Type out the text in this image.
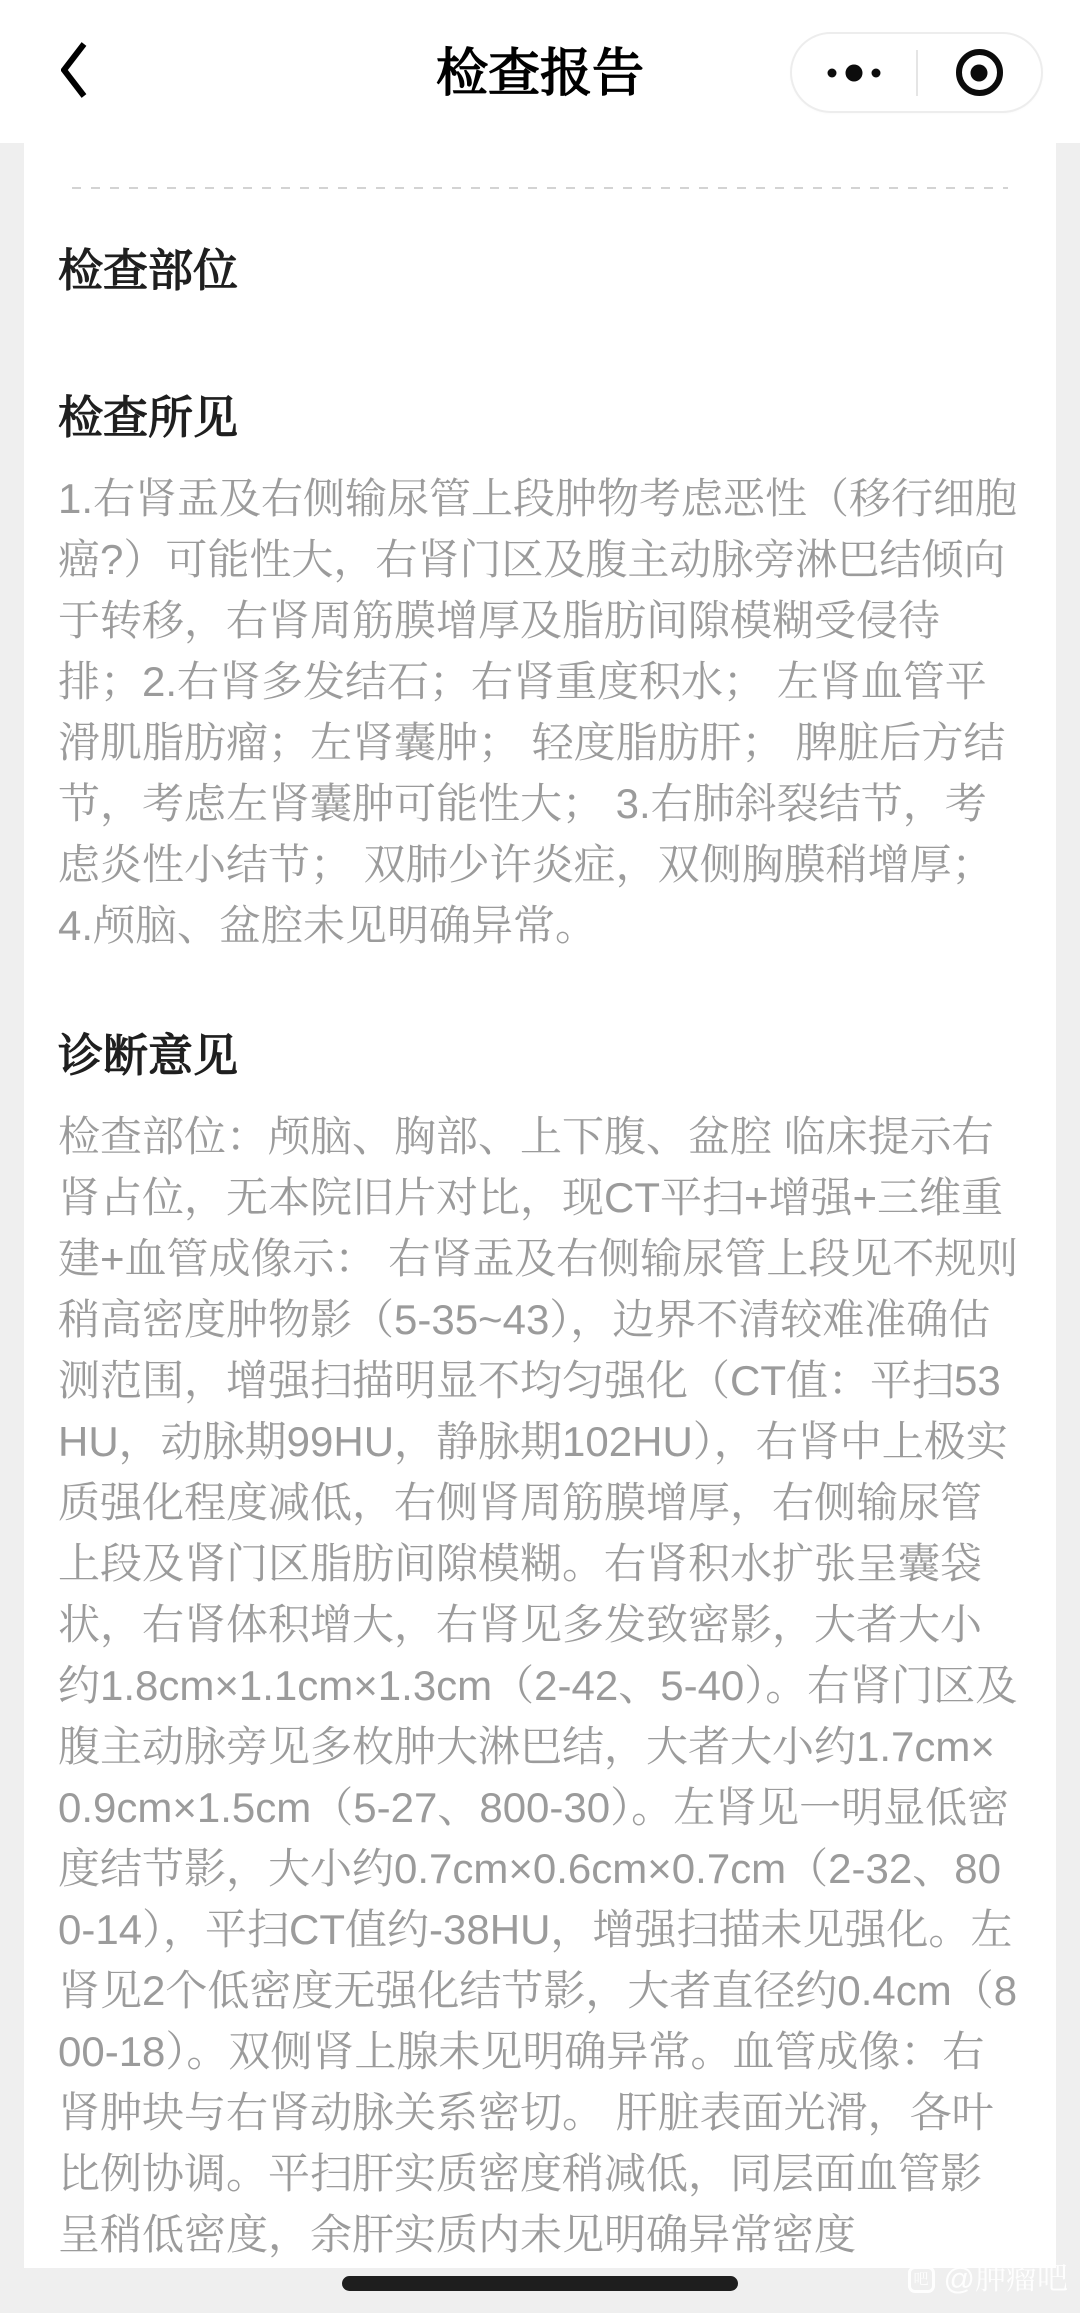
检查报告
检查部位

检查所见

1.右肾盂及右侧输尿管上段肿物考虑恶性（移行细胞癌?）可能性大，右肾门区及腹主动脉旁淋巴结倾向于转移，右肾周筋膜增厚及脂肪间隙模糊受侵待排；2.右肾多发结石；右肾重度积水； 左肾血管平滑肌脂肪瘤；左肾囊肿； 轻度脂肪肝； 脾脏后方结节，考虑左肾囊肿可能性大； 3.右肺斜裂结节，考虑炎性小结节； 双肺少许炎症，双侧胸膜稍增厚； 4.颅脑、盆腔未见明确异常。

诊断意见

检查部位：颅脑、胸部、上下腹、盆腔 临床提示右肾占位，无本院旧片对比，现CT平扫+增强+三维重建+血管成像示： 右肾盂及右侧输尿管上段见不规则稍高密度肿物影（5-35~43），边界不清较难准确估测范围，增强扫描明显不均匀强化（CT值：平扫53HU，动脉期99HU，静脉期102HU），右肾中上极实质强化程度减低，右侧肾周筋膜增厚，右侧输尿管上段及肾门区脂肪间隙模糊。右肾积水扩张呈囊袋状，右肾体积增大，右肾见多发致密影，大者大小约1.8cm×1.1cm×1.3cm（2-42、5-40）。右肾门区及腹主动脉旁见多枚肿大淋巴结，大者大小约1.7cm×0.9cm×1.5cm（5-27、800-30）。左肾见一明显低密度结节影，大小约0.7cm×0.6cm×0.7cm（2-32、800-14），平扫CT值约-38HU，增强扫描未见强化。左肾见2个低密度无强化结节影，大者直径约0.4cm（800-18）。双侧肾上腺未见明确异常。血管成像：右肾肿块与右肾动脉关系密切。 肝脏表面光滑，各叶比例协调。平扫肝实质密度稍减低，同层面血管影呈稍低密度，余肝实质内未见明确异常密度

吧 @肿瘤吧
